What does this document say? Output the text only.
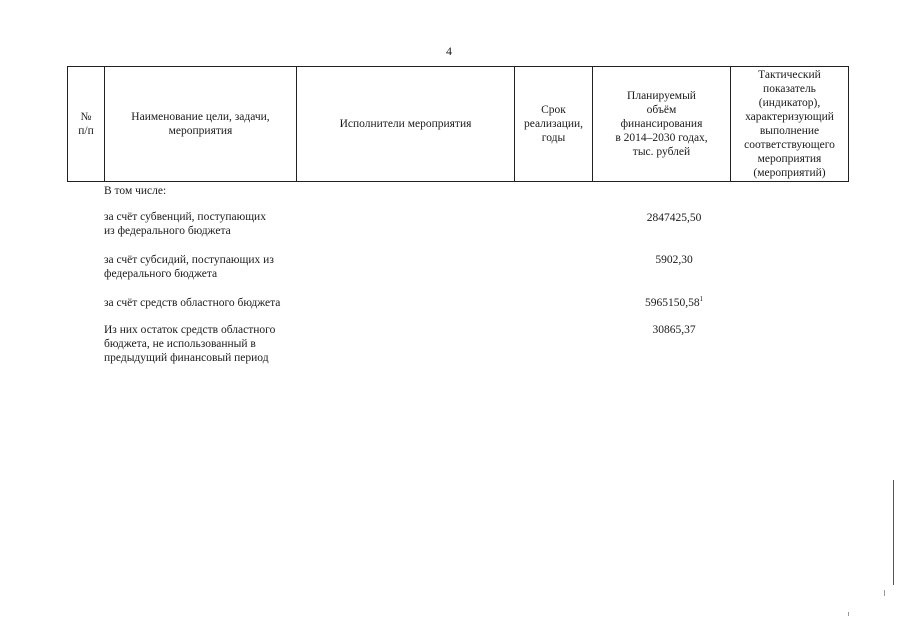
4
№
п/п
Наименование цели, задачи,
мероприятия
Исполнители мероприятия
Срок
реализации,
годы
Планируемый
объём
финансирования
в 2014–2030 годах,
тыс. рублей
Тактический
показатель
(индикатор),
характеризующий
выполнение
соответствующего
мероприятия
(мероприятий)
В том числе:
за счёт субвенций, поступающих
из федерального бюджета
2847425,50
за счёт субсидий, поступающих из
федерального бюджета
5902,30
за счёт средств областного бюджета	5965150,58$^1$
Из них остаток средств областного
бюджета, не использованный в
предыдущий финансовый период
30865,37
